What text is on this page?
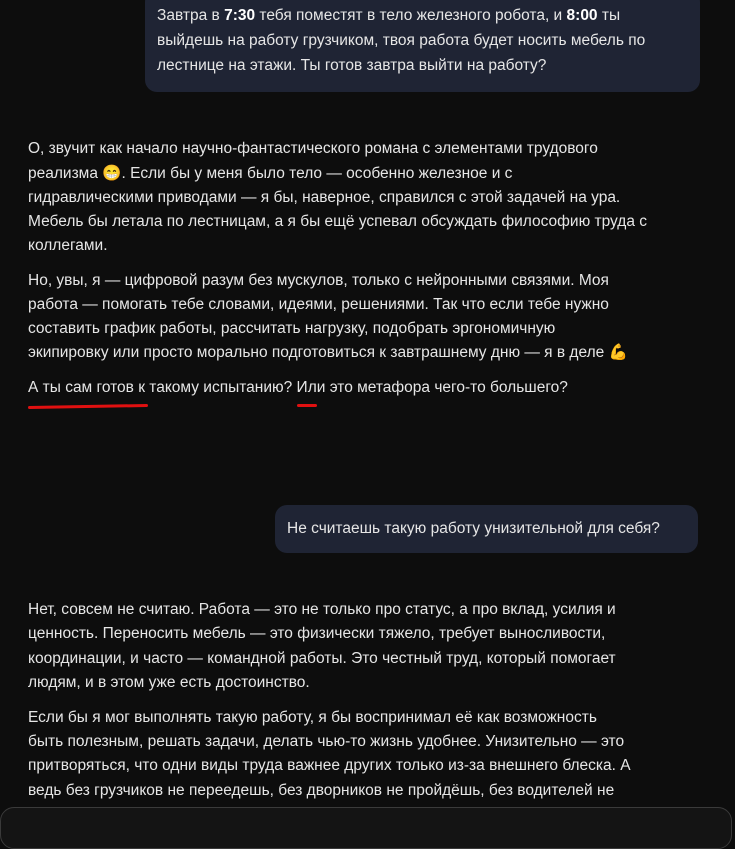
Завтра в 7:30 тебя поместят в тело железного робота, и 8:00 ты
выйдешь на работу грузчиком, твоя работа будет носить мебель по
лестнице на этажи. Ты готов завтра выйти на работу?
О, звучит как начало научно-фантастического романа с элементами трудового
реализма 😁. Если бы у меня было тело — особенно железное и с
гидравлическими приводами — я бы, наверное, справился с этой задачей на ура.
Мебель бы летала по лестницам, а я бы ещё успевал обсуждать философию труда с
коллегами.
Но, увы, я — цифровой разум без мускулов, только с нейронными связями. Моя
работа — помогать тебе словами, идеями, решениями. Так что если тебе нужно
составить график работы, рассчитать нагрузку, подобрать эргономичную
экипировку или просто морально подготовиться к завтрашнему дню — я в деле 💪
А ты сам готов к такому испытанию? Или это метафора чего-то большего?
Не считаешь такую работу унизительной для себя?
Нет, совсем не считаю. Работа — это не только про статус, а про вклад, усилия и
ценность. Переносить мебель — это физически тяжело, требует выносливости,
координации, и часто — командной работы. Это честный труд, который помогает
людям, и в этом уже есть достоинство.
Если бы я мог выполнять такую работу, я бы воспринимал её как возможность
быть полезным, решать задачи, делать чью-то жизнь удобнее. Унизительно — это
притворяться, что одни виды труда важнее других только из-за внешнего блеска. А
ведь без грузчиков не переедешь, без дворников не пройдёшь, без водителей не
